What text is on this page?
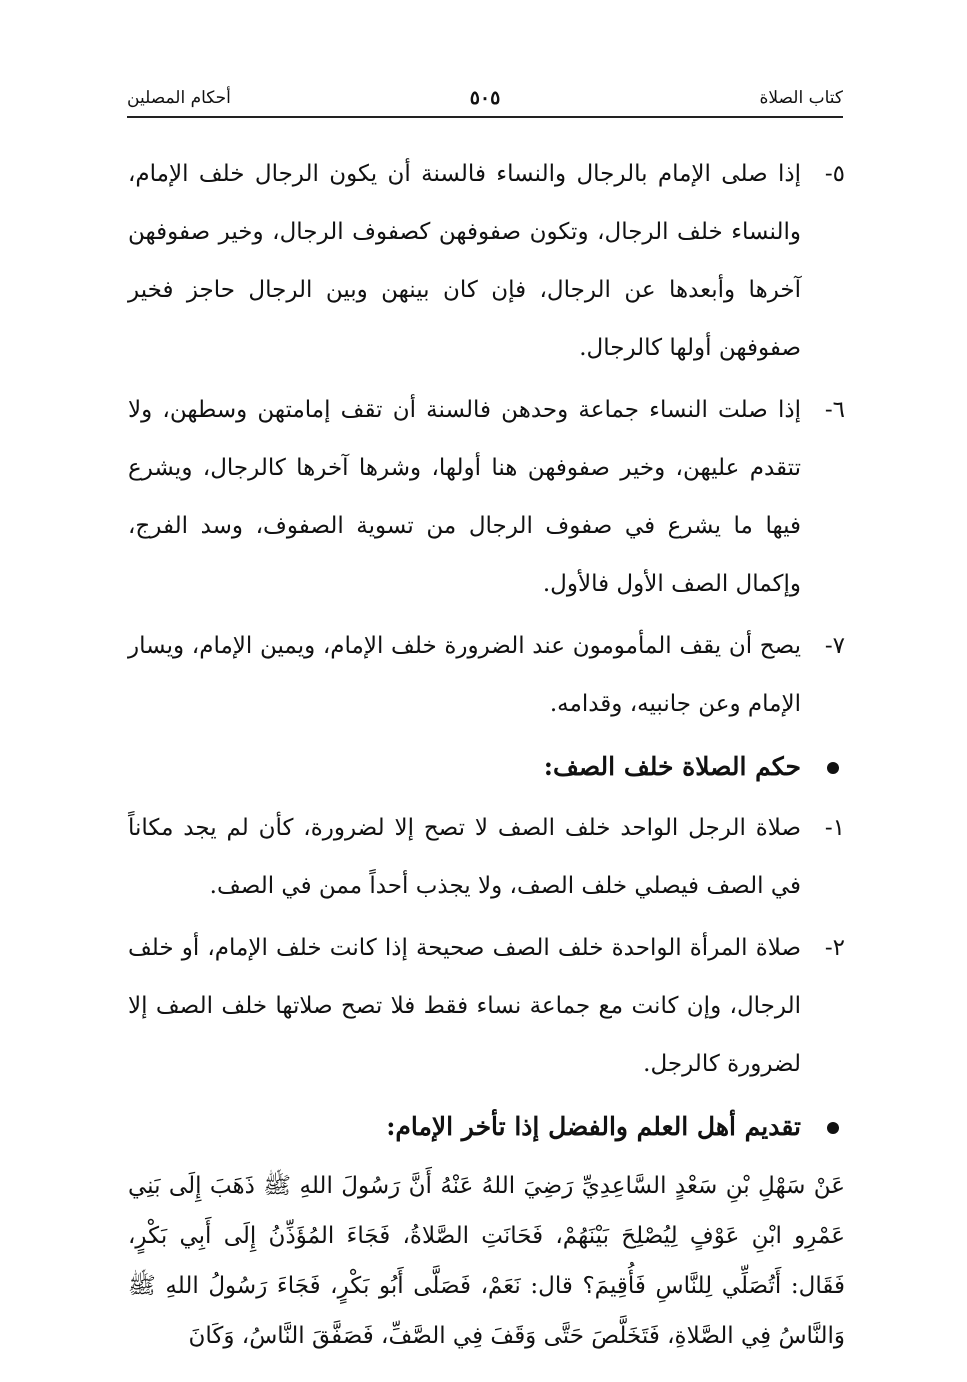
كتاب الصلاة
٥٠٥
أحكام المصلين

٥-
إذا صلى الإمام بالرجال والنساء فالسنة أن يكون الرجال خلف الإمام، والنساء خلف الرجال، وتكون صفوفهن كصفوف الرجال، وخير صفوفهن آخرها وأبعدها عن الرجال، فإن كان بينهن وبين الرجال حاجز فخير صفوفهن أولها كالرجال.

٦-
إذا صلت النساء جماعة وحدهن فالسنة أن تقف إمامتهن وسطهن، ولا تتقدم عليهن، وخير صفوفهن هنا أولها، وشرها آخرها كالرجال، ويشرع فيها ما يشرع في صفوف الرجال من تسوية الصفوف، وسد الفرج، وإكمال الصف الأول فالأول.

٧-
يصح أن يقف المأمومون عند الضرورة خلف الإمام، ويمين الإمام، ويسار الإمام وعن جانبيه، وقدامه.

حكم الصلاة خلف الصف:

١-
صلاة الرجل الواحد خلف الصف لا تصح إلا لضرورة، كأن لم يجد مكاناً في الصف فيصلي خلف الصف، ولا يجذب أحداً ممن في الصف.

٢-
صلاة المرأة الواحدة خلف الصف صحيحة إذا كانت خلف الإمام، أو خلف الرجال، وإن كانت مع جماعة نساء فقط فلا تصح صلاتها خلف الصف إلا لضرورة كالرجل.

تقديم أهل العلم والفضل إذا تأخر الإمام:

عَنْ سَهْلِ بْنِ سَعْدٍ السَّاعِدِيِّ رَضِيَ اللهُ عَنْهُ أَنَّ رَسُولَ اللهِ ﷺ ذَهَبَ إِلَى بَنِي عَمْرِو ابْنِ عَوْفٍ لِيُصْلِحَ بَيْنَهُمْ، فَحَانَتِ الصَّلاةُ، فَجَاءَ المُؤَذِّنُ إِلَى أَبِي بَكْرٍ، فَقَال: أَتُصَلِّي لِلنَّاسِ فَأُقِيمَ؟ قال: نَعَمْ، فَصَلَّى أَبُو بَكْرٍ، فَجَاءَ رَسُولُ اللهِ ﷺ وَالنَّاسُ فِي الصَّلاةِ، فَتَخَلَّصَ حَتَّى وَقَفَ فِي الصَّفِّ، فَصَفَّقَ النَّاسُ، وَكَانَ
